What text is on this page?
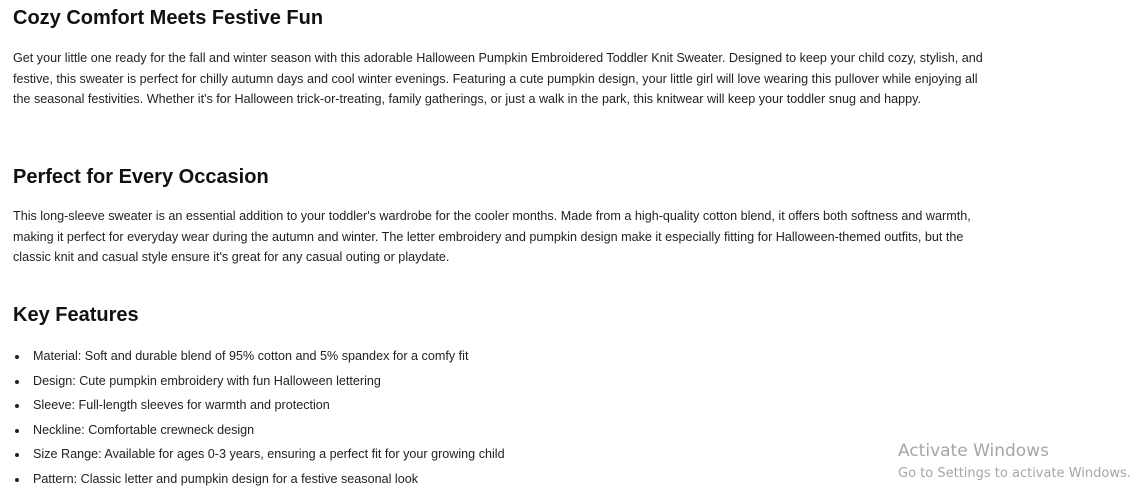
Cozy Comfort Meets Festive Fun

Get your little one ready for the fall and winter season with this adorable Halloween Pumpkin Embroidered Toddler Knit Sweater. Designed to keep your child cozy, stylish, and festive, this sweater is perfect for chilly autumn days and cool winter evenings. Featuring a cute pumpkin design, your little girl will love wearing this pullover while enjoying all the seasonal festivities. Whether it's for Halloween trick-or-treating, family gatherings, or just a walk in the park, this knitwear will keep your toddler snug and happy.

Perfect for Every Occasion

This long-sleeve sweater is an essential addition to your toddler's wardrobe for the cooler months. Made from a high-quality cotton blend, it offers both softness and warmth, making it perfect for everyday wear during the autumn and winter. The letter embroidery and pumpkin design make it especially fitting for Halloween-themed outfits, but the classic knit and casual style ensure it's great for any casual outing or playdate.

Key Features
Material: Soft and durable blend of 95% cotton and 5% spandex for a comfy fit
Design: Cute pumpkin embroidery with fun Halloween lettering
Sleeve: Full-length sleeves for warmth and protection
Neckline: Comfortable crewneck design
Size Range: Available for ages 0-3 years, ensuring a perfect fit for your growing child
Pattern: Classic letter and pumpkin design for a festive seasonal look
Activate Windows
Go to Settings to activate Windows.
